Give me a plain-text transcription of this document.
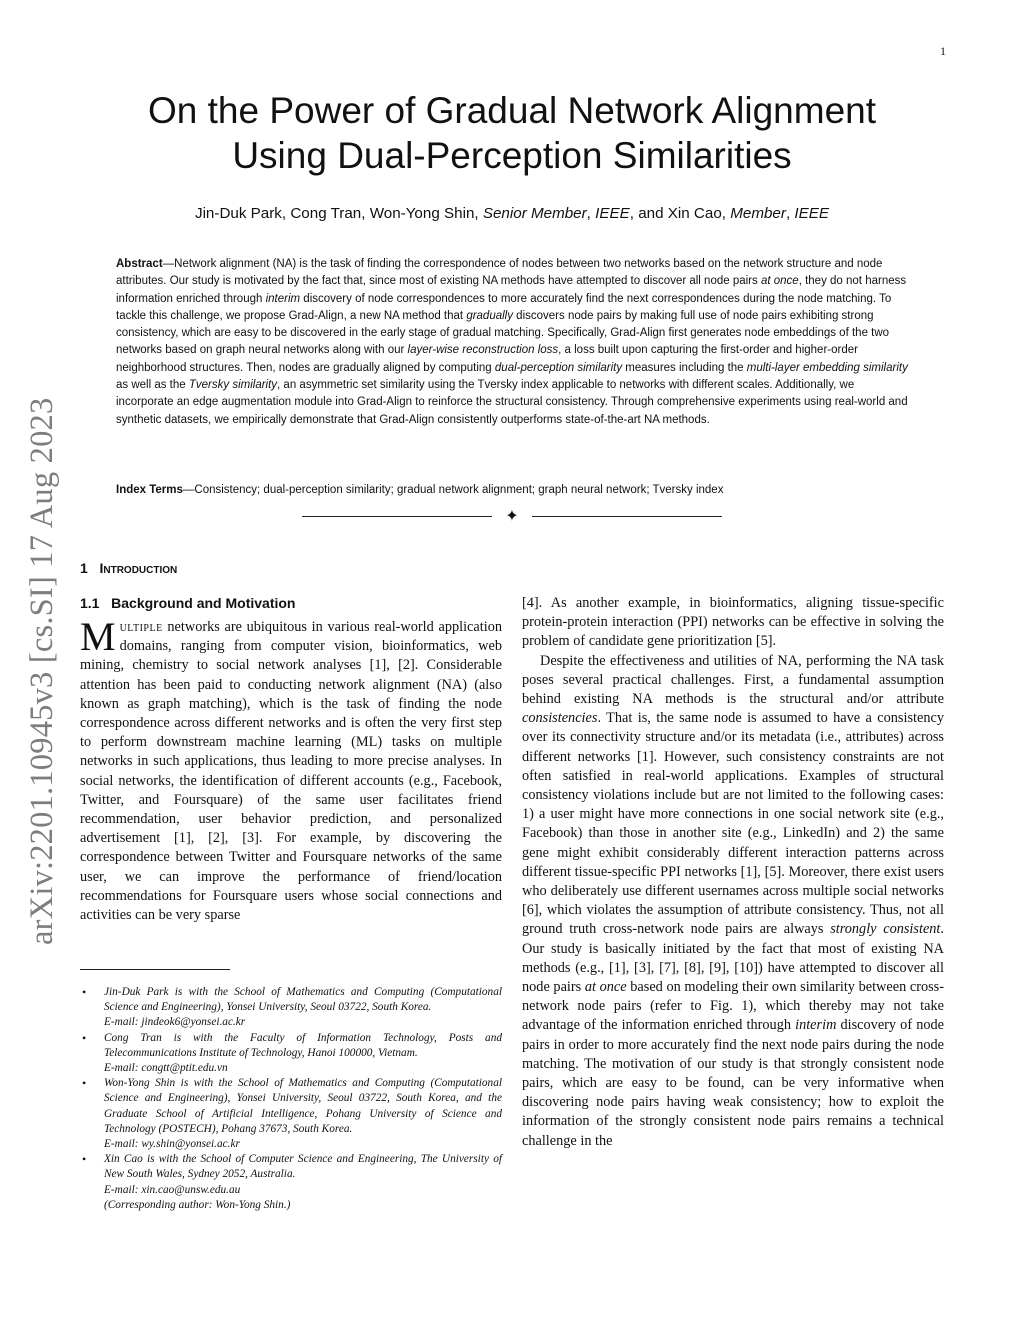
1
arXiv:2201.10945v3 [cs.SI] 17 Aug 2023
On the Power of Gradual Network Alignment
Using Dual-Perception Similarities
Jin-Duk Park, Cong Tran, Won-Yong Shin, Senior Member, IEEE, and Xin Cao, Member, IEEE
Abstract—Network alignment (NA) is the task of finding the correspondence of nodes between two networks based on the network structure and node attributes. Our study is motivated by the fact that, since most of existing NA methods have attempted to discover all node pairs at once, they do not harness information enriched through interim discovery of node correspondences to more accurately find the next correspondences during the node matching. To tackle this challenge, we propose Grad-Align, a new NA method that gradually discovers node pairs by making full use of node pairs exhibiting strong consistency, which are easy to be discovered in the early stage of gradual matching. Specifically, Grad-Align first generates node embeddings of the two networks based on graph neural networks along with our layer-wise reconstruction loss, a loss built upon capturing the first-order and higher-order neighborhood structures. Then, nodes are gradually aligned by computing dual-perception similarity measures including the multi-layer embedding similarity as well as the Tversky similarity, an asymmetric set similarity using the Tversky index applicable to networks with different scales. Additionally, we incorporate an edge augmentation module into Grad-Align to reinforce the structural consistency. Through comprehensive experiments using real-world and synthetic datasets, we empirically demonstrate that Grad-Align consistently outperforms state-of-the-art NA methods.
Index Terms—Consistency; dual-perception similarity; gradual network alignment; graph neural network; Tversky index
✦
1 Introduction
1.1 Background and Motivation

Multiple networks are ubiquitous in various real-world application domains, ranging from computer vision, bioinformatics, web mining, chemistry to social network analyses [1], [2]. Considerable attention has been paid to conducting network alignment (NA) (also known as graph matching), which is the task of finding the node correspondence across different networks and is often the very first step to perform downstream machine learning (ML) tasks on multiple networks in such applications, thus leading to more precise analyses. In social networks, the identification of different accounts (e.g., Facebook, Twitter, and Foursquare) of the same user facilitates friend recommendation, user behavior prediction, and personalized advertisement [1], [2], [3]. For example, by discovering the correspondence between Twitter and Foursquare networks of the same user, we can improve the performance of friend/location recommendations for Foursquare users whose social connections and activities can be very sparse

• Jin-Duk Park is with the School of Mathematics and Computing (Computational Science and Engineering), Yonsei University, Seoul 03722, South Korea.
E-mail: jindeok6@yonsei.ac.kr
• Cong Tran is with the Faculty of Information Technology, Posts and Telecommunications Institute of Technology, Hanoi 100000, Vietnam.
E-mail: congtt@ptit.edu.vn
• Won-Yong Shin is with the School of Mathematics and Computing (Computational Science and Engineering), Yonsei University, Seoul 03722, South Korea, and the Graduate School of Artificial Intelligence, Pohang University of Science and Technology (POSTECH), Pohang 37673, South Korea.
E-mail: wy.shin@yonsei.ac.kr
• Xin Cao is with the School of Computer Science and Engineering, The University of New South Wales, Sydney 2052, Australia.
E-mail: xin.cao@unsw.edu.au
(Corresponding author: Won-Yong Shin.)

[4]. As another example, in bioinformatics, aligning tissue-specific protein-protein interaction (PPI) networks can be effective in solving the problem of candidate gene prioritization [5].

Despite the effectiveness and utilities of NA, performing the NA task poses several practical challenges. First, a fundamental assumption behind existing NA methods is the structural and/or attribute consistencies. That is, the same node is assumed to have a consistency over its connectivity structure and/or its metadata (i.e., attributes) across different networks [1]. However, such consistency constraints are not often satisfied in real-world applications. Examples of structural consistency violations include but are not limited to the following cases: 1) a user might have more connections in one social network site (e.g., Facebook) than those in another site (e.g., LinkedIn) and 2) the same gene might exhibit considerably different interaction patterns across different tissue-specific PPI networks [1], [5]. Moreover, there exist users who deliberately use different usernames across multiple social networks [6], which violates the assumption of attribute consistency. Thus, not all ground truth cross-network node pairs are always strongly consistent. Our study is basically initiated by the fact that most of existing NA methods (e.g., [1], [3], [7], [8], [9], [10]) have attempted to discover all node pairs at once based on modeling their own similarity between cross-network node pairs (refer to Fig. 1), which thereby may not take advantage of the information enriched through interim discovery of node pairs in order to more accurately find the next node pairs during the node matching. The motivation of our study is that strongly consistent node pairs, which are easy to be found, can be very informative when discovering node pairs having weak consistency; how to exploit the information of the strongly consistent node pairs remains a technical challenge in the
